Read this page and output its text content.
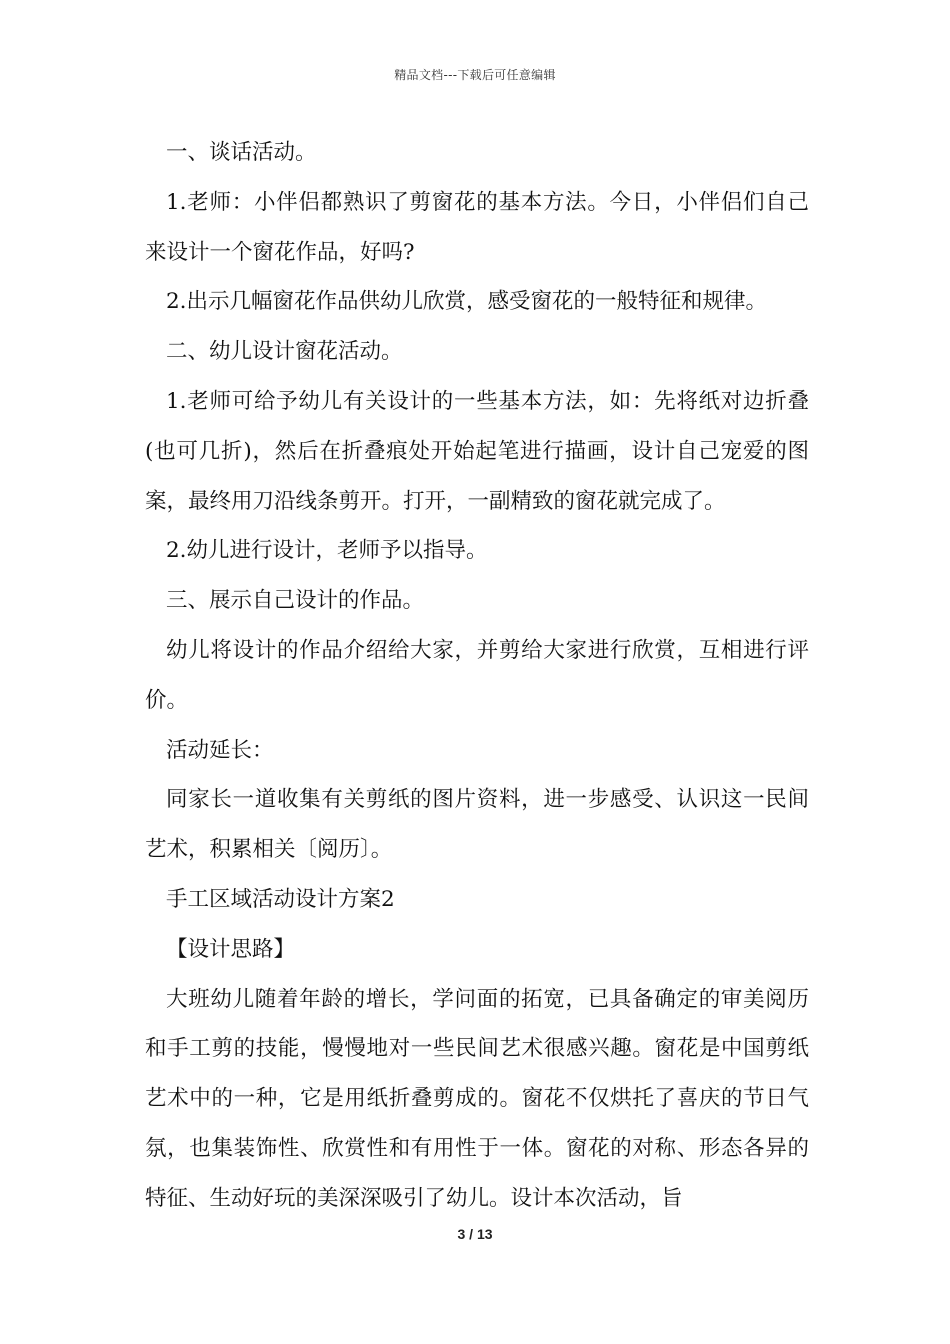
精品文档---下载后可任意编辑

一、谈话活动。

1.老师：小伴侣都熟识了剪窗花的基本方法。今日，小伴侣们自己来设计一个窗花作品，好吗?

2.出示几幅窗花作品供幼儿欣赏，感受窗花的一般特征和规律。

二、幼儿设计窗花活动。

1.老师可给予幼儿有关设计的一些基本方法，如：先将纸对边折叠(也可几折)，然后在折叠痕处开始起笔进行描画，设计自己宠爱的图案，最终用刀沿线条剪开。打开，一副精致的窗花就完成了。

2.幼儿进行设计，老师予以指导。

三、展示自己设计的作品。

幼儿将设计的作品介绍给大家，并剪给大家进行欣赏，互相进行评价。

活动延长：

同家长一道收集有关剪纸的图片资料，进一步感受、认识这一民间艺术，积累相关〔阅历〕。

手工区域活动设计方案2

【设计思路】

大班幼儿随着年龄的增长，学问面的拓宽，已具备确定的审美阅历和手工剪的技能，慢慢地对一些民间艺术很感兴趣。窗花是中国剪纸艺术中的一种，它是用纸折叠剪成的。窗花不仅烘托了喜庆的节日气氛，也集装饰性、欣赏性和有用性于一体。窗花的对称、形态各异的特征、生动好玩的美深深吸引了幼儿。设计本次活动，旨

3 / 13
